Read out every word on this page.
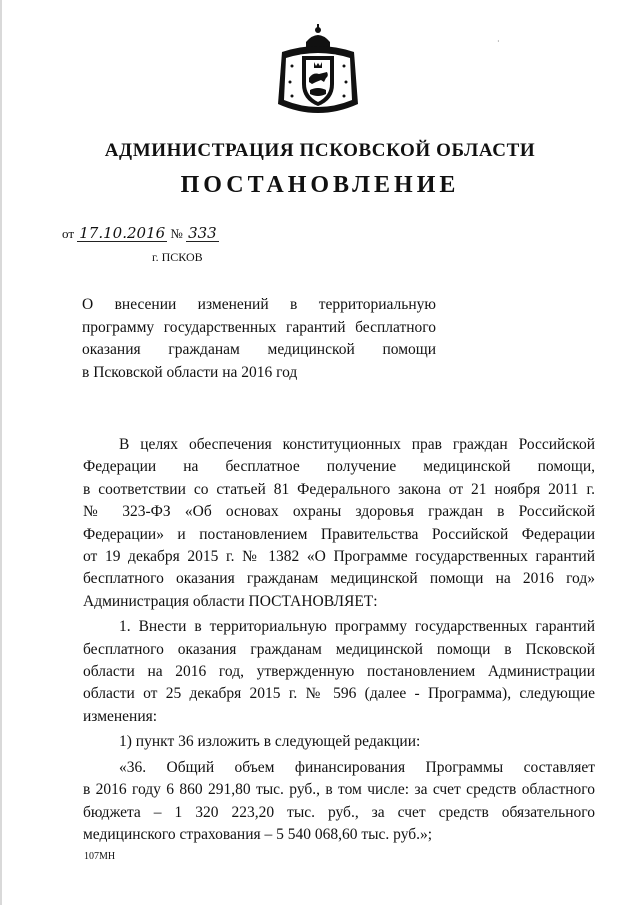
·
АДМИНИСТРАЦИЯ ПСКОВСКОЙ ОБЛАСТИ
ПОСТАНОВЛЕНИЕ
от 17.10.2016 № 333
г. ПСКОВ
О внесении изменений в территориальную
программу государственных гарантий бесплатного
оказания гражданам медицинской помощи
в Псковской области на 2016 год
В целях обеспечения конституционных прав граждан Российской
Федерации на бесплатное получение медицинской помощи,
в соответствии со статьей 81 Федерального закона от 21 ноября 2011 г.
№ 323-ФЗ «Об основах охраны здоровья граждан в Российской
Федерации» и постановлением Правительства Российской Федерации
от 19 декабря 2015 г. № 1382 «О Программе государственных гарантий
бесплатного оказания гражданам медицинской помощи на 2016 год»
Администрация области ПОСТАНОВЛЯЕТ:
1. Внести в территориальную программу государственных гарантий
бесплатного оказания гражданам медицинской помощи в Псковской
области на 2016 год, утвержденную постановлением Администрации
области от 25 декабря 2015 г. № 596 (далее - Программа), следующие
изменения:
1) пункт 36 изложить в следующей редакции:
«36. Общий объем финансирования Программы составляет
в 2016 году 6 860 291,80 тыс. руб., в том числе: за счет средств областного
бюджета – 1 320 223,20 тыс. руб., за счет средств обязательного
медицинского страхования – 5 540 068,60 тыс. руб.»;
107МН
